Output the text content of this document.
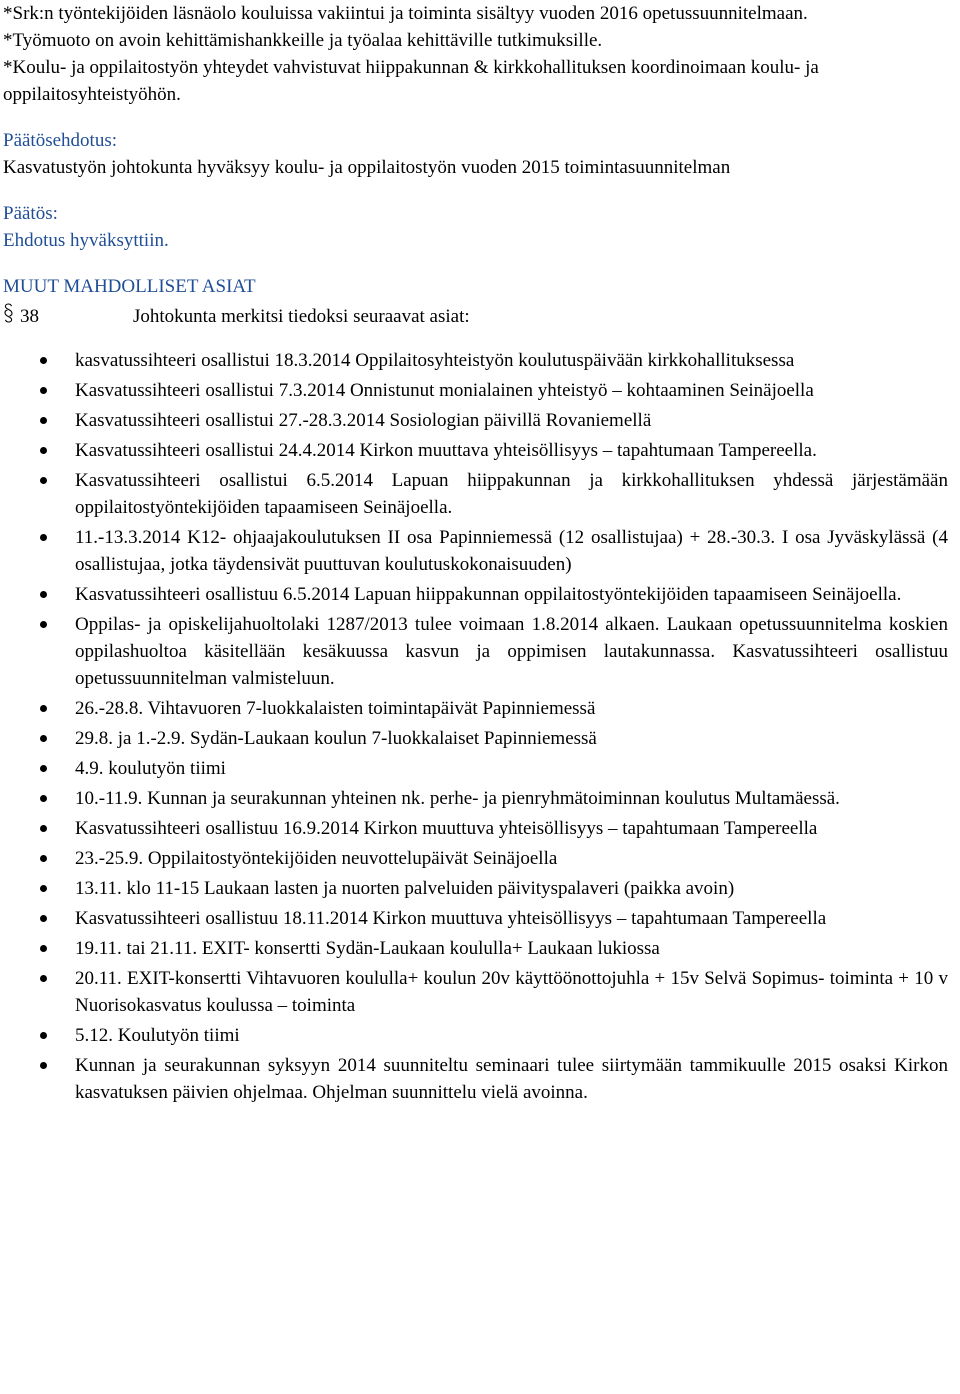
*Srk:n työntekijöiden läsnäolo kouluissa vakiintui ja toiminta sisältyy vuoden 2016 opetussuunnitelmaan.

*Työmuoto on avoin kehittämishankkeille ja työalaa kehittäville tutkimuksille.

*Koulu- ja oppilaitostyön yhteydet vahvistuvat hiippakunnan & kirkkohallituksen koordinoimaan koulu- ja oppilaitosyhteistyöhön.

Päätösehdotus:

Kasvatustyön johtokunta hyväksyy koulu- ja oppilaitostyön vuoden 2015 toimintasuunnitelman

Päätös:

Ehdotus hyväksyttiin.

MUUT MAHDOLLISET ASIAT

38	Johtokunta merkitsi tiedoksi seuraavat asiat:
kasvatussihteeri osallistui 18.3.2014 Oppilaitosyhteistyön koulutuspäivään kirkkohallituksessa
Kasvatussihteeri osallistui 7.3.2014 Onnistunut monialainen yhteistyö – kohtaaminen Seinäjoella
Kasvatussihteeri osallistui 27.-28.3.2014 Sosiologian päivillä Rovaniemellä
Kasvatussihteeri osallistui 24.4.2014 Kirkon muuttava yhteisöllisyys – tapahtumaan Tampereella.
Kasvatussihteeri osallistui 6.5.2014 Lapuan hiippakunnan ja kirkkohallituksen yhdessä järjestämään oppilaitostyöntekijöiden tapaamiseen Seinäjoella.
11.-13.3.2014 K12- ohjaajakoulutuksen II osa Papinniemessä (12 osallistujaa) + 28.-30.3. I osa Jyväskylässä (4 osallistujaa, jotka täydensivät puuttuvan koulutuskokonaisuuden)
Kasvatussihteeri osallistuu 6.5.2014 Lapuan hiippakunnan oppilaitostyöntekijöiden tapaamiseen Seinäjoella.
Oppilas- ja opiskelijahuoltolaki 1287/2013 tulee voimaan 1.8.2014 alkaen. Laukaan opetussuunnitelma koskien oppilashuoltoa käsitellään kesäkuussa kasvun ja oppimisen lautakunnassa. Kasvatussihteeri osallistuu opetussuunnitelman valmisteluun.
26.-28.8. Vihtavuoren 7-luokkalaisten toimintapäivät Papinniemessä
29.8. ja 1.-2.9. Sydän-Laukaan koulun 7-luokkalaiset Papinniemessä
4.9. koulutyön tiimi
10.-11.9. Kunnan ja seurakunnan yhteinen nk. perhe- ja pienryhmätoiminnan koulutus Multamäessä.
Kasvatussihteeri osallistuu 16.9.2014 Kirkon muuttuva yhteisöllisyys – tapahtumaan Tampereella
23.-25.9. Oppilaitostyöntekijöiden neuvottelupäivät Seinäjoella
13.11. klo 11-15 Laukaan lasten ja nuorten palveluiden päivityspalaveri (paikka avoin)
Kasvatussihteeri osallistuu 18.11.2014 Kirkon muuttuva yhteisöllisyys – tapahtumaan Tampereella
19.11. tai 21.11. EXIT- konsertti Sydän-Laukaan koululla+ Laukaan lukiossa
20.11. EXIT-konsertti Vihtavuoren koululla+ koulun 20v käyttöönottojuhla + 15v Selvä Sopimus- toiminta + 10 v Nuorisokasvatus koulussa – toiminta
5.12. Koulutyön tiimi
Kunnan ja seurakunnan syksyyn 2014 suunniteltu seminaari tulee siirtymään tammikuulle 2015 osaksi Kirkon kasvatuksen päivien ohjelmaa. Ohjelman suunnittelu vielä avoinna.
